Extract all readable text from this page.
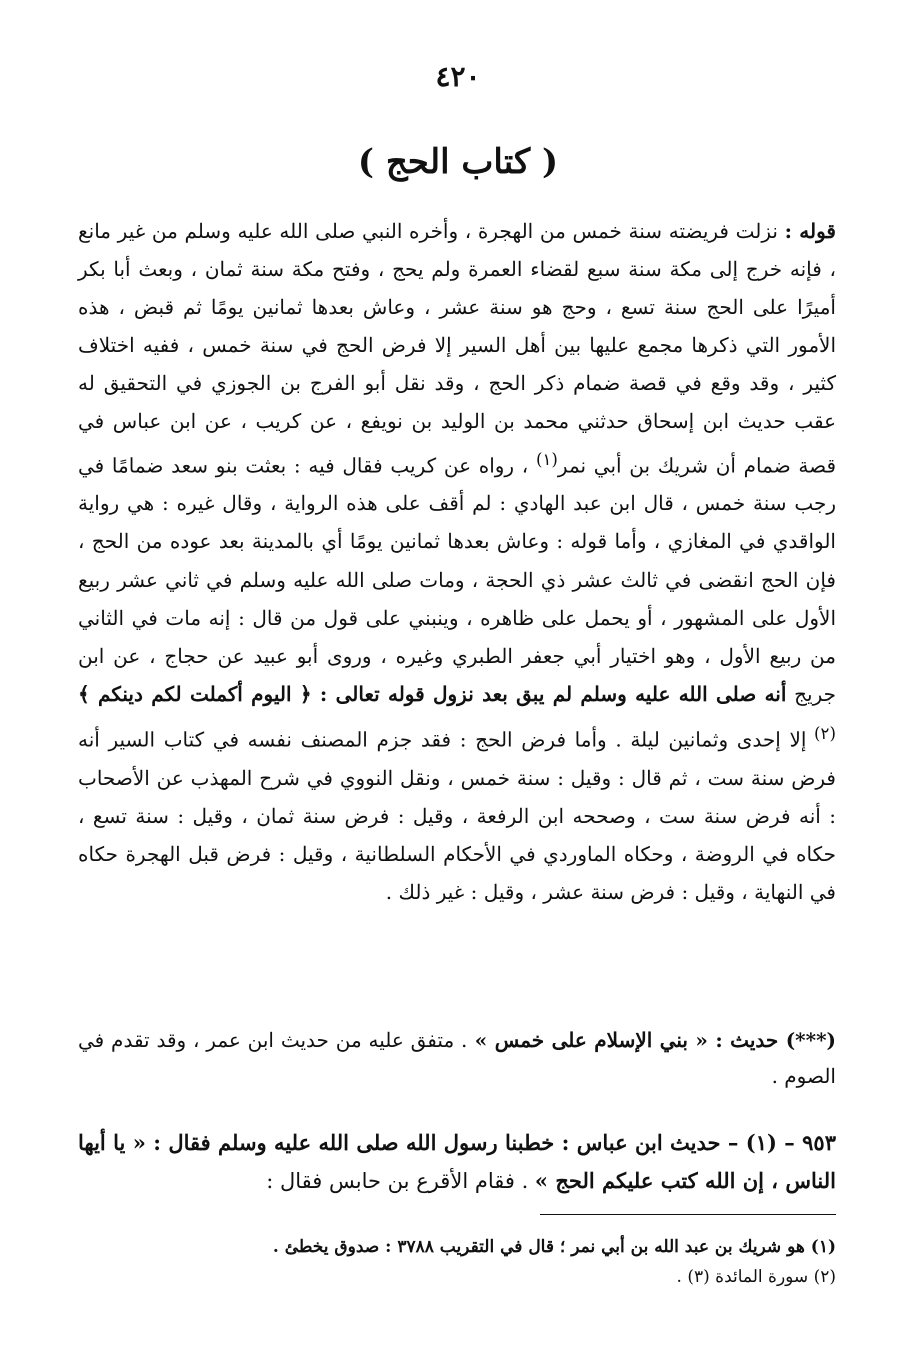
٤٢٠
( كتاب الحج )

قوله : نزلت فريضته سنة خمس من الهجرة ، وأخره النبي صلى الله عليه وسلم من غير مانع ، فإنه خرج إلى مكة سنة سبع لقضاء العمرة ولم يحج ، وفتح مكة سنة ثمان ، وبعث أبا بكر أميرًا على الحج سنة تسع ، وحج هو سنة عشر ، وعاش بعدها ثمانين يومًا ثم قبض ، هذه الأمور التي ذكرها مجمع عليها بين أهل السير إلا فرض الحج في سنة خمس ، ففيه اختلاف كثير ، وقد وقع في قصة ضمام ذكر الحج ، وقد نقل أبو الفرج بن الجوزي في التحقيق له عقب حديث ابن إسحاق حدثني محمد بن الوليد بن نويفع ، عن كريب ، عن ابن عباس في قصة ضمام أن شريك بن أبي نمر$^{(١)}$ ، رواه عن كريب فقال فيه : بعثت بنو سعد ضمامًا في رجب سنة خمس ، قال ابن عبد الهادي : لم أقف على هذه الرواية ، وقال غيره : هي رواية الواقدي في المغازي ، وأما قوله : وعاش بعدها ثمانين يومًا أي بالمدينة بعد عوده من الحج ، فإن الحج انقضى في ثالث عشر ذي الحجة ، ومات صلى الله عليه وسلم في ثاني عشر ربيع الأول على المشهور ، أو يحمل على ظاهره ، وينبني على قول من قال : إنه مات في الثاني من ربيع الأول ، وهو اختيار أبي جعفر الطبري وغيره ، وروى أبو عبيد عن حجاج ، عن ابن جريج أنه صلى الله عليه وسلم لم يبق بعد نزول قوله تعالى : ﴿ اليوم أكملت لكم دينكم ﴾ $^{(٢)}$ إلا إحدى وثمانين ليلة . وأما فرض الحج : فقد جزم المصنف نفسه في كتاب السير أنه فرض سنة ست ، ثم قال : وقيل : سنة خمس ، ونقل النووي في شرح المهذب عن الأصحاب : أنه فرض سنة ست ، وصححه ابن الرفعة ، وقيل : فرض سنة ثمان ، وقيل : سنة تسع ، حكاه في الروضة ، وحكاه الماوردي في الأحكام السلطانية ، وقيل : فرض قبل الهجرة حكاه في النهاية ، وقيل : فرض سنة عشر ، وقيل : غير ذلك .

(***) حديث : « بني الإسلام على خمس » . متفق عليه من حديث ابن عمر ، وقد تقدم في الصوم .

٩٥٣ – (١) – حديث ابن عباس : خطبنا رسول الله صلى الله عليه وسلم فقال : « يا أيها الناس ، إن الله كتب عليكم الحج » . فقام الأقرع بن حابس فقال :

(١) هو شريك بن عبد الله بن أبي نمر ؛ قال في التقريب ٣٧٨٨ : صدوق يخطئ .
(٢) سورة المائدة (٣) .
